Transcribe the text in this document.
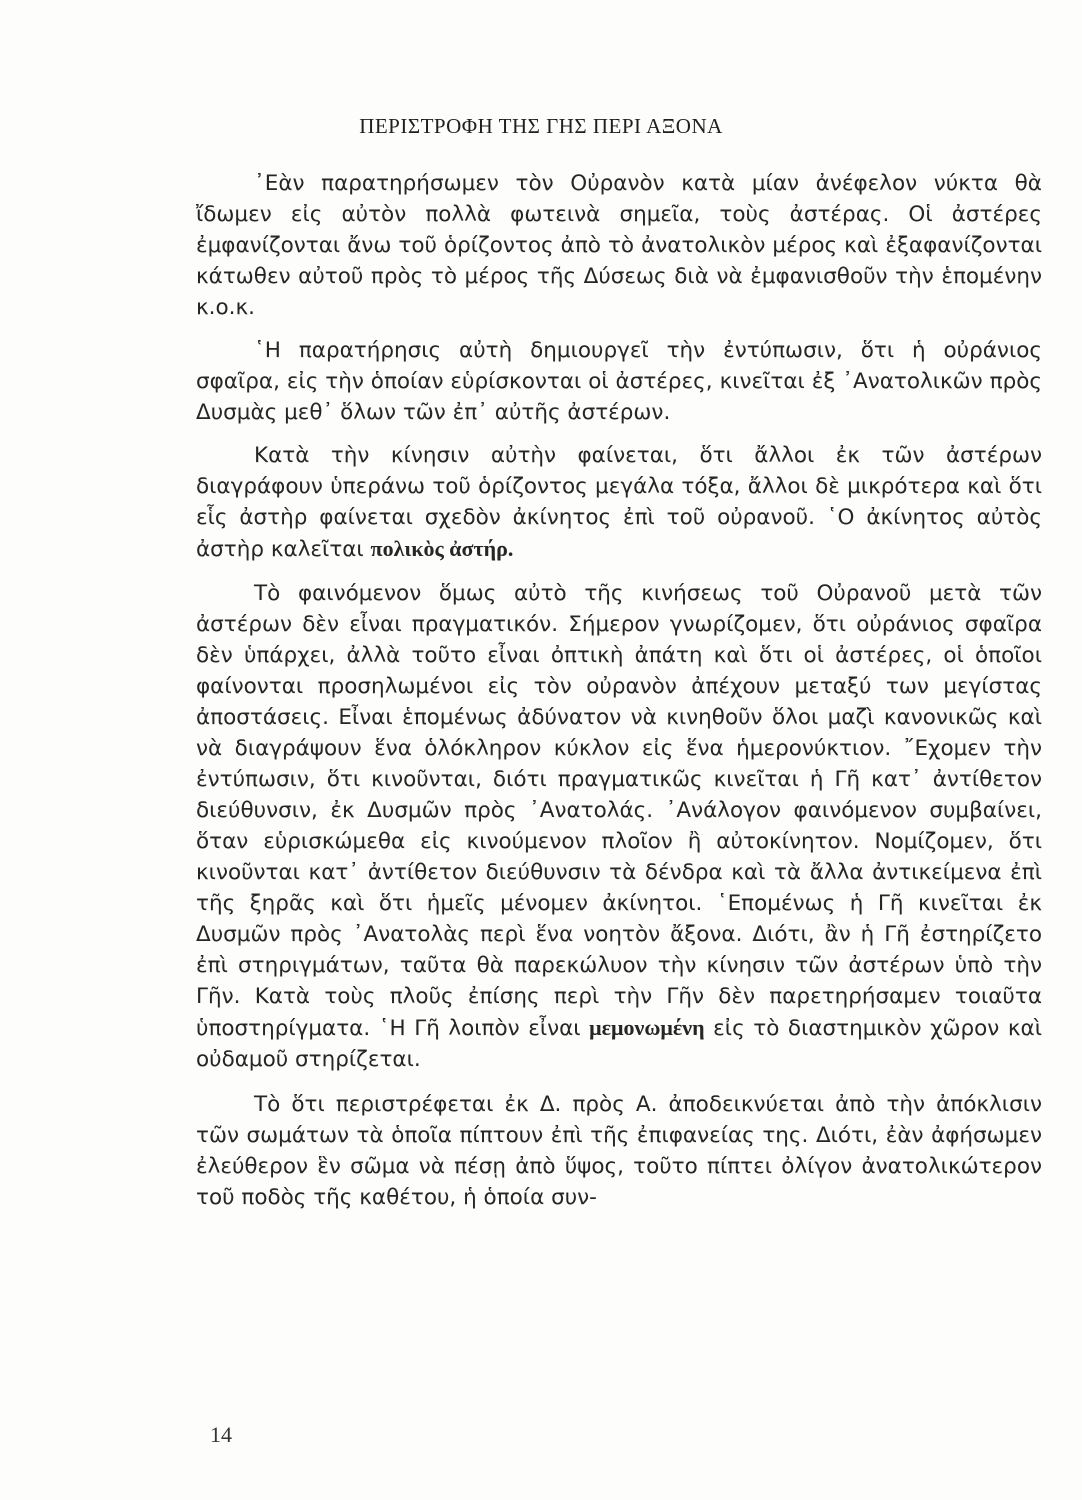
ΠΕΡΙΣΤΡΟΦΗ ΤΗΣ ΓΗΣ ΠΕΡΙ ΑΞΟΝΑ

᾿Εὰν παρατηρήσωμεν τὸν Οὐρανὸν κατὰ μίαν ἀνέφελον νύκτα θὰ ἴδωμεν εἰς αὐτὸν πολλὰ φωτεινὰ σημεῖα, τοὺς ἀστέρας. Οἱ ἀστέρες ἐμφανίζονται ἄνω τοῦ ὁρίζοντος ἀπὸ τὸ ἀνατολικὸν μέρος καὶ ἐξαφανίζονται κάτωθεν αὐτοῦ πρὸς τὸ μέρος τῆς Δύσεως διὰ νὰ ἐμφανισθοῦν τὴν ἑπομένην κ.ο.κ.

῾Η παρατήρησις αὐτὴ δημιουργεῖ τὴν ἐντύπωσιν, ὅτι ἡ οὐράνιος σφαῖρα, εἰς τὴν ὁποίαν εὑρίσκονται οἱ ἀστέρες, κινεῖται ἐξ ᾿Ανατολικῶν πρὸς Δυσμὰς μεθ᾿ ὅλων τῶν ἐπ᾿ αὐτῆς ἀστέρων.

Κατὰ τὴν κίνησιν αὐτὴν φαίνεται, ὅτι ἄλλοι ἐκ τῶν ἀστέρων διαγράφουν ὑπεράνω τοῦ ὁρίζοντος μεγάλα τόξα, ἄλλοι δὲ μικρότερα καὶ ὅτι εἷς ἀστὴρ φαίνεται σχεδὸν ἀκίνητος ἐπὶ τοῦ οὐρανοῦ. ῾Ο ἀκίνητος αὐτὸς ἀστὴρ καλεῖται πολικὸς ἀστήρ.

Τὸ φαινόμενον ὅμως αὐτὸ τῆς κινήσεως τοῦ Οὐρανοῦ μετὰ τῶν ἀστέρων δὲν εἶναι πραγματικόν. Σήμερον γνωρίζομεν, ὅτι οὐράνιος σφαῖρα δὲν ὑπάρχει, ἀλλὰ τοῦτο εἶναι ὀπτικὴ ἀπάτη καὶ ὅτι οἱ ἀστέρες, οἱ ὁποῖοι φαίνονται προσηλωμένοι εἰς τὸν οὐρανὸν ἀπέχουν μεταξύ των μεγίστας ἀποστάσεις. Εἶναι ἑπομένως ἀδύνατον νὰ κινηθοῦν ὅλοι μαζὶ κανονικῶς καὶ νὰ διαγράψουν ἕνα ὁλόκληρον κύκλον εἰς ἕνα ἡμερονύκτιον. ῎Εχομεν τὴν ἐντύπωσιν, ὅτι κινοῦνται, διότι πραγματικῶς κινεῖται ἡ Γῆ κατ᾿ ἀντίθετον διεύθυνσιν, ἐκ Δυσμῶν πρὸς ᾿Ανατολάς. ᾿Ανάλογον φαινόμενον συμβαίνει, ὅταν εὑρισκώμεθα εἰς κινούμενον πλοῖον ἢ αὐτοκίνητον. Νομίζομεν, ὅτι κινοῦνται κατ᾿ ἀντίθετον διεύθυνσιν τὰ δένδρα καὶ τὰ ἄλλα ἀντικείμενα ἐπὶ τῆς ξηρᾶς καὶ ὅτι ἡμεῖς μένομεν ἀκίνητοι. ῾Επομένως ἡ Γῆ κινεῖται ἐκ Δυσμῶν πρὸς ᾿Ανατολὰς περὶ ἕνα νοητὸν ἄξονα. Διότι, ἂν ἡ Γῆ ἐστηρίζετο ἐπὶ στηριγμάτων, ταῦτα θὰ παρεκώλυον τὴν κίνησιν τῶν ἀστέρων ὑπὸ τὴν Γῆν. Κατὰ τοὺς πλοῦς ἐπίσης περὶ τὴν Γῆν δὲν παρετηρήσαμεν τοιαῦτα ὑποστηρίγματα. ῾Η Γῆ λοιπὸν εἶναι μεμονωμένη εἰς τὸ διαστημικὸν χῶρον καὶ οὐδαμοῦ στηρίζεται.

Τὸ ὅτι περιστρέφεται ἐκ Δ. πρὸς Α. ἀποδεικνύεται ἀπὸ τὴν ἀπόκλισιν τῶν σωμάτων τὰ ὁποῖα πίπτουν ἐπὶ τῆς ἐπιφανείας της. Διότι, ἐὰν ἀφήσωμεν ἐλεύθερον ἓν σῶμα νὰ πέσῃ ἀπὸ ὕψος, τοῦτο πίπτει ὀλίγον ἀνατολικώτερον τοῦ ποδὸς τῆς καθέτου, ἡ ὁποία συν-

14
